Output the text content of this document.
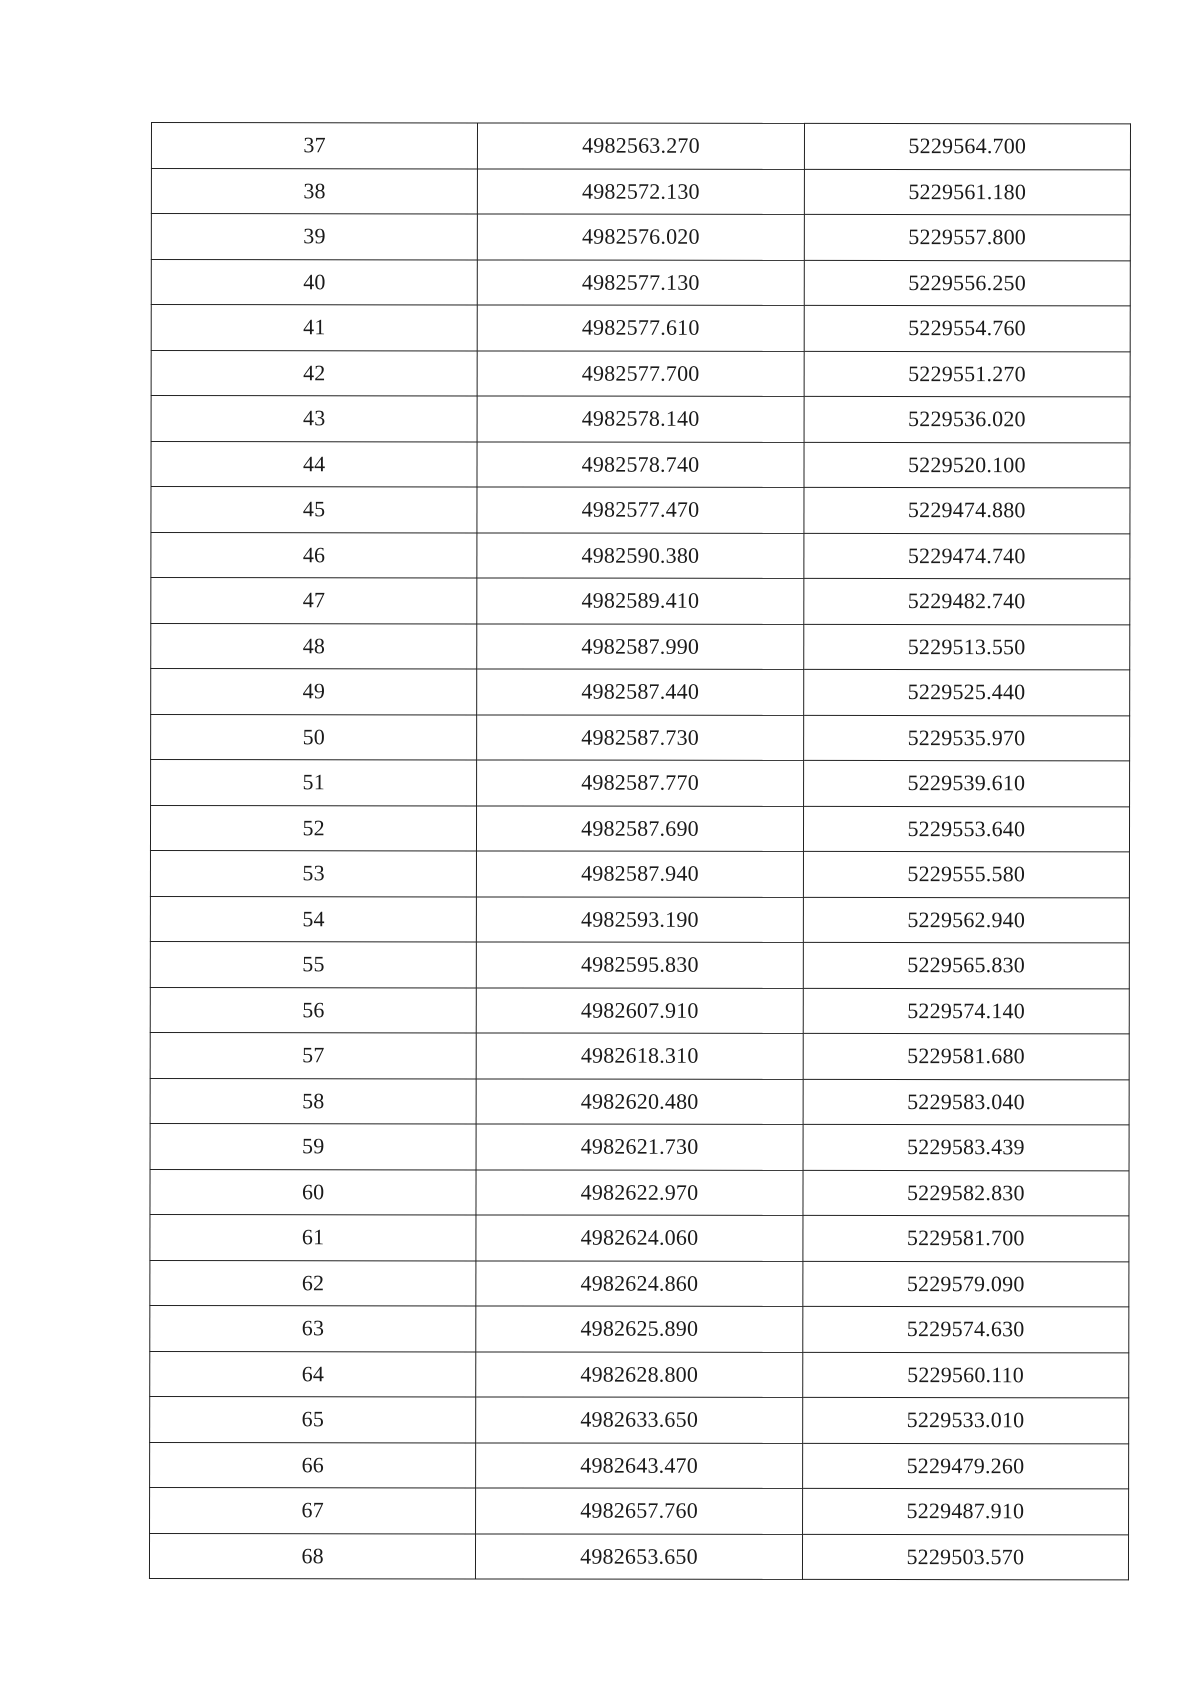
37	4982563.270	5229564.700
38	4982572.130	5229561.180
39	4982576.020	5229557.800
40	4982577.130	5229556.250
41	4982577.610	5229554.760
42	4982577.700	5229551.270
43	4982578.140	5229536.020
44	4982578.740	5229520.100
45	4982577.470	5229474.880
46	4982590.380	5229474.740
47	4982589.410	5229482.740
48	4982587.990	5229513.550
49	4982587.440	5229525.440
50	4982587.730	5229535.970
51	4982587.770	5229539.610
52	4982587.690	5229553.640
53	4982587.940	5229555.580
54	4982593.190	5229562.940
55	4982595.830	5229565.830
56	4982607.910	5229574.140
57	4982618.310	5229581.680
58	4982620.480	5229583.040
59	4982621.730	5229583.439
60	4982622.970	5229582.830
61	4982624.060	5229581.700
62	4982624.860	5229579.090
63	4982625.890	5229574.630
64	4982628.800	5229560.110
65	4982633.650	5229533.010
66	4982643.470	5229479.260
67	4982657.760	5229487.910
68	4982653.650	5229503.570
